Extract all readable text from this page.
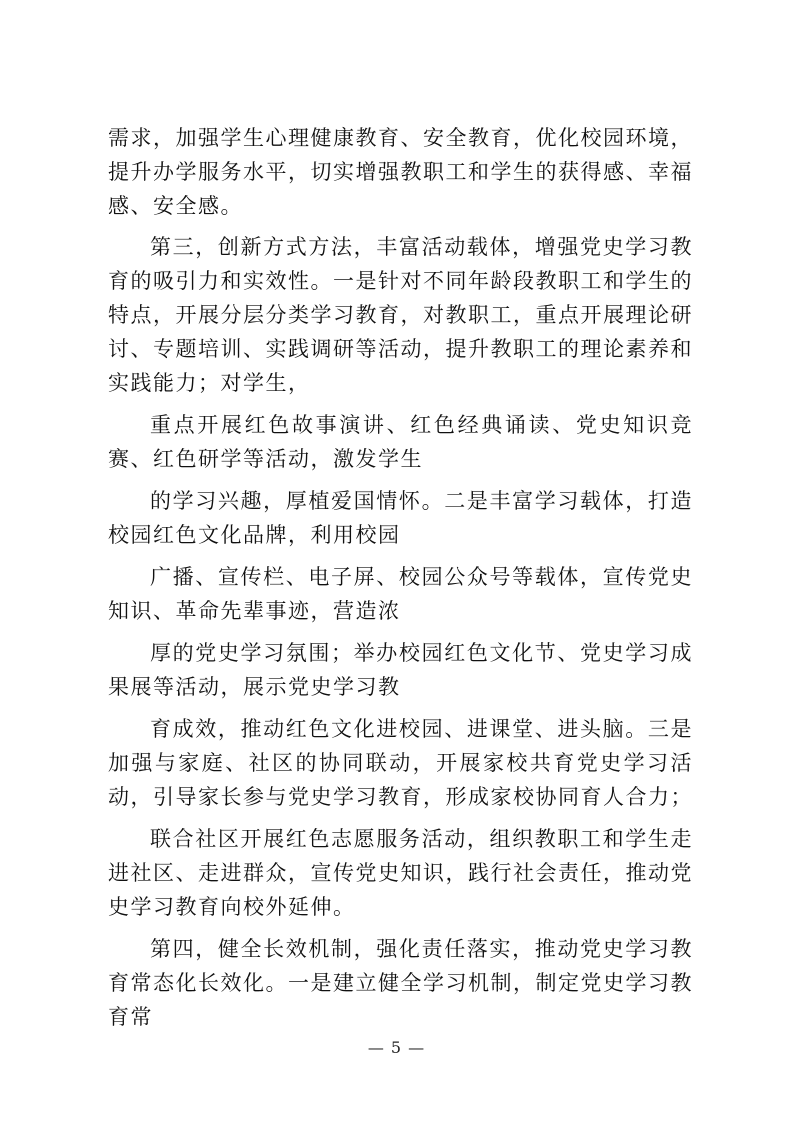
需求，加强学生心理健康教育、安全教育，优化校园环境，提升办学服务水平，切实增强教职工和学生的获得感、幸福感、安全感。

第三，创新方式方法，丰富活动载体，增强党史学习教育的吸引力和实效性。一是针对不同年龄段教职工和学生的特点，开展分层分类学习教育，对教职工，重点开展理论研讨、专题培训、实践调研等活动，提升教职工的理论素养和实践能力；对学生，

重点开展红色故事演讲、红色经典诵读、党史知识竞赛、红色研学等活动，激发学生

的学习兴趣，厚植爱国情怀。二是丰富学习载体，打造校园红色文化品牌，利用校园

广播、宣传栏、电子屏、校园公众号等载体，宣传党史知识、革命先辈事迹，营造浓

厚的党史学习氛围；举办校园红色文化节、党史学习成果展等活动，展示党史学习教

育成效，推动红色文化进校园、进课堂、进头脑。三是加强与家庭、社区的协同联动，开展家校共育党史学习活动，引导家长参与党史学习教育，形成家校协同育人合力；

联合社区开展红色志愿服务活动，组织教职工和学生走进社区、走进群众，宣传党史知识，践行社会责任，推动党史学习教育向校外延伸。

第四，健全长效机制，强化责任落实，推动党史学习教育常态化长效化。一是建立健全学习机制，制定党史学习教育常

— 5 —
